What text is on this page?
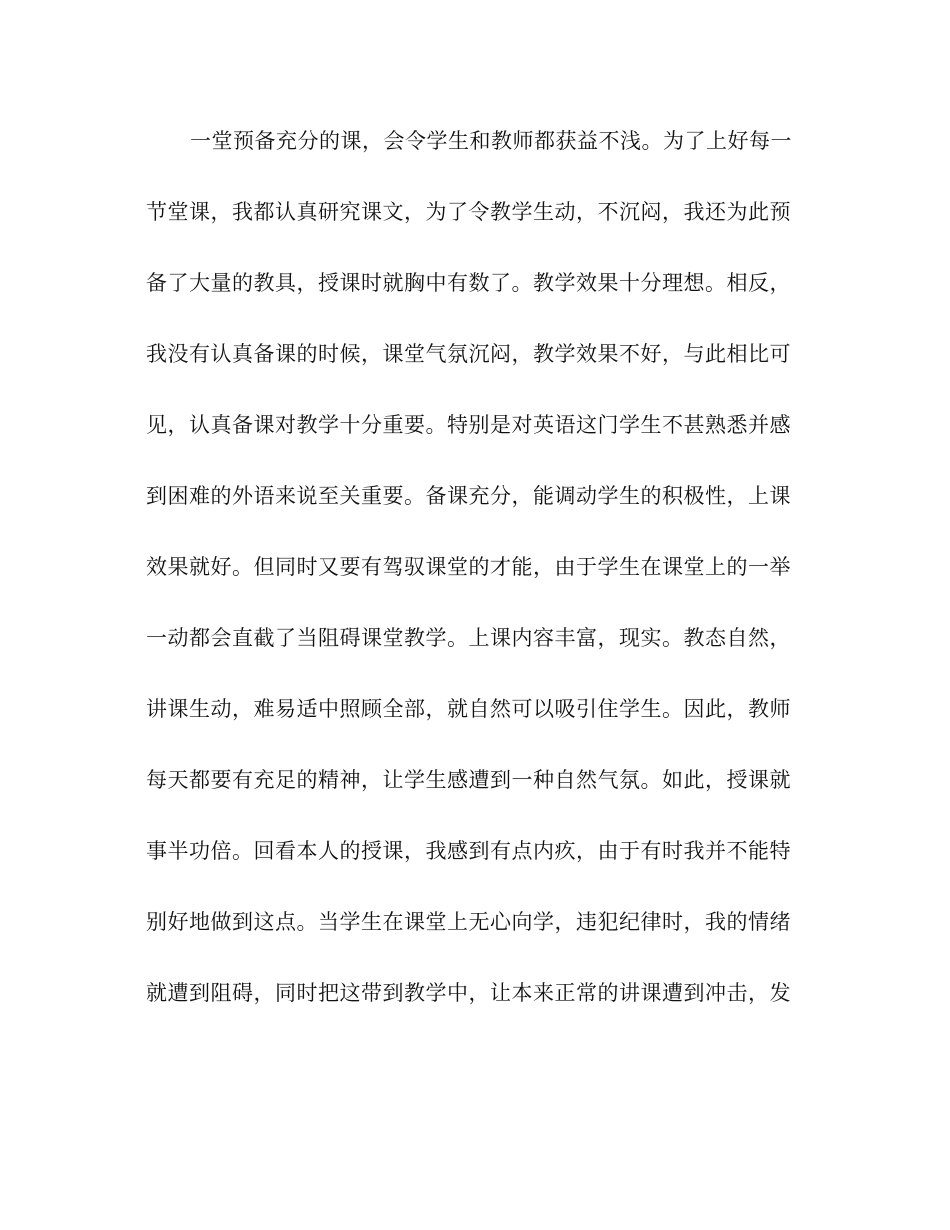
一堂预备充分的课，会令学生和教师都获益不浅。为了上好每一
节堂课，我都认真研究课文，为了令教学生动，不沉闷，我还为此预
备了大量的教具，授课时就胸中有数了。教学效果十分理想。相反，
我没有认真备课的时候，课堂气氛沉闷，教学效果不好，与此相比可
见，认真备课对教学十分重要。特别是对英语这门学生不甚熟悉并感
到困难的外语来说至关重要。备课充分，能调动学生的积极性，上课
效果就好。但同时又要有驾驭课堂的才能，由于学生在课堂上的一举
一动都会直截了当阻碍课堂教学。上课内容丰富，现实。教态自然，
讲课生动，难易适中照顾全部，就自然可以吸引住学生。因此，教师
每天都要有充足的精神，让学生感遭到一种自然气氛。如此，授课就
事半功倍。回看本人的授课，我感到有点内疚，由于有时我并不能特
别好地做到这点。当学生在课堂上无心向学，违犯纪律时，我的情绪
就遭到阻碍，同时把这带到教学中，让本来正常的讲课遭到冲击，发
